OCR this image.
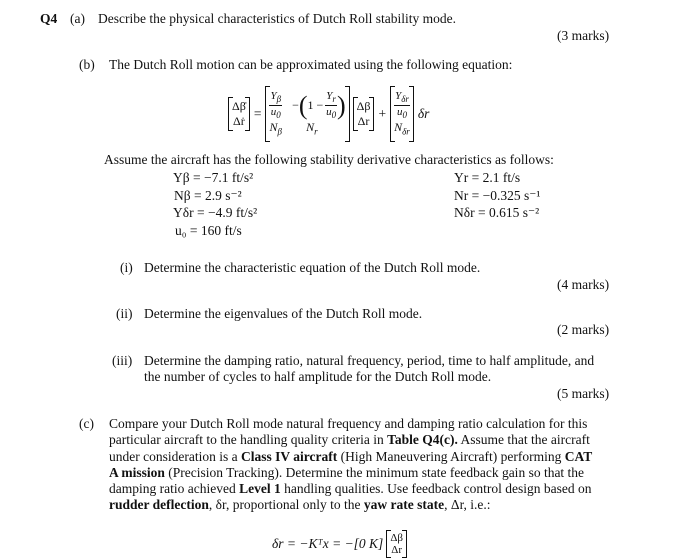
Q4 (a) Describe the physical characteristics of Dutch Roll stability mode.
(3 marks)
(b) The Dutch Roll motion can be approximated using the following equation:
Δβ̇
Δṙ = $\frac{Y_\beta}{u_0}$ − ( $1 - \frac{Y_r}{u_0}$ )
$N_\beta$ $N_r$
Δβ
$\Delta r + \frac{Y_{\delta r}}{u_0}$
$N_{\delta r}$
δr
Assume the aircraft has the following stability derivative characteristics as follows:
Yβ = −7.1 ft/s²
Nβ = 2.9 s⁻²
Yδr = −4.9 ft/s²
u₀ = 160 ft/s
Yr = 2.1 ft/s
Nr = −0.325 s⁻¹
Nδr = 0.615 s⁻²
(i) Determine the characteristic equation of the Dutch Roll mode.
(4 marks)
(ii) Determine the eigenvalues of the Dutch Roll mode.
(2 marks)
(iii) Determine the damping ratio, natural frequency, period, time to half amplitude, and
the number of cycles to half amplitude for the Dutch Roll mode.
(5 marks)
(c) Compare your Dutch Roll mode natural frequency and damping ratio calculation for this
particular aircraft to the handling quality criteria in Table Q4(c). Assume that the aircraft
under consideration is a Class IV aircraft (High Maneuvering Aircraft) performing CAT
A mission (Precision Tracking). Determine the minimum state feedback gain so that the
damping ratio achieved Level 1 handling qualities. Use feedback control design based on
rudder deflection, δr, proportional only to the yaw rate state, Δr, i.e.:
δr = −Kᵀx = −[0 K] Δβ
Δr
